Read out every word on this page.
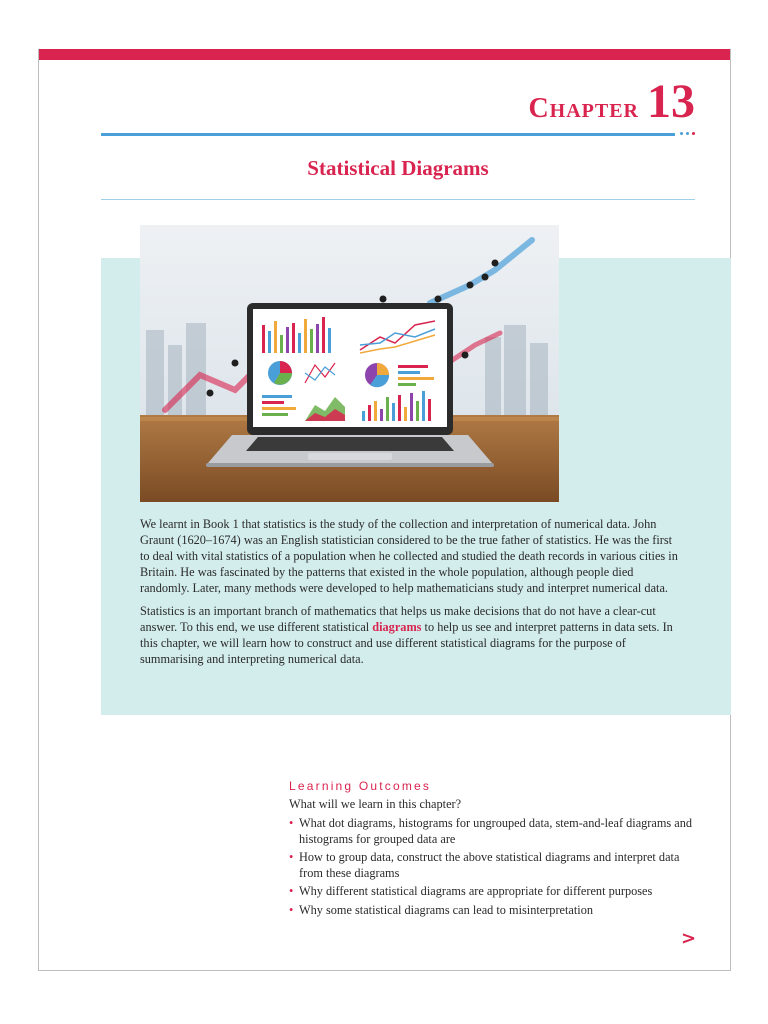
Chapter 13
Statistical Diagrams

We learnt in Book 1 that statistics is the study of the collection and interpretation of numerical data. John Graunt (1620–1674) was an English statistician considered to be the true father of statistics. He was the first to deal with vital statistics of a population when he collected and studied the death records in various cities in Britain. He was fascinated by the patterns that existed in the whole population, although people died randomly. Later, many methods were developed to help mathematicians study and interpret numerical data.

Statistics is an important branch of mathematics that helps us make decisions that do not have a clear-cut answer. To this end, we use different statistical diagrams to help us see and interpret patterns in data sets. In this chapter, we will learn how to construct and use different statistical diagrams for the purpose of summarising and interpreting numerical data.

Learning Outcomes
What will we learn in this chapter?
• What dot diagrams, histograms for ungrouped data, stem-and-leaf diagrams and histograms for grouped data are
• How to group data, construct the above statistical diagrams and interpret data from these diagrams
• Why different statistical diagrams are appropriate for different purposes
• Why some statistical diagrams can lead to misinterpretation
>
